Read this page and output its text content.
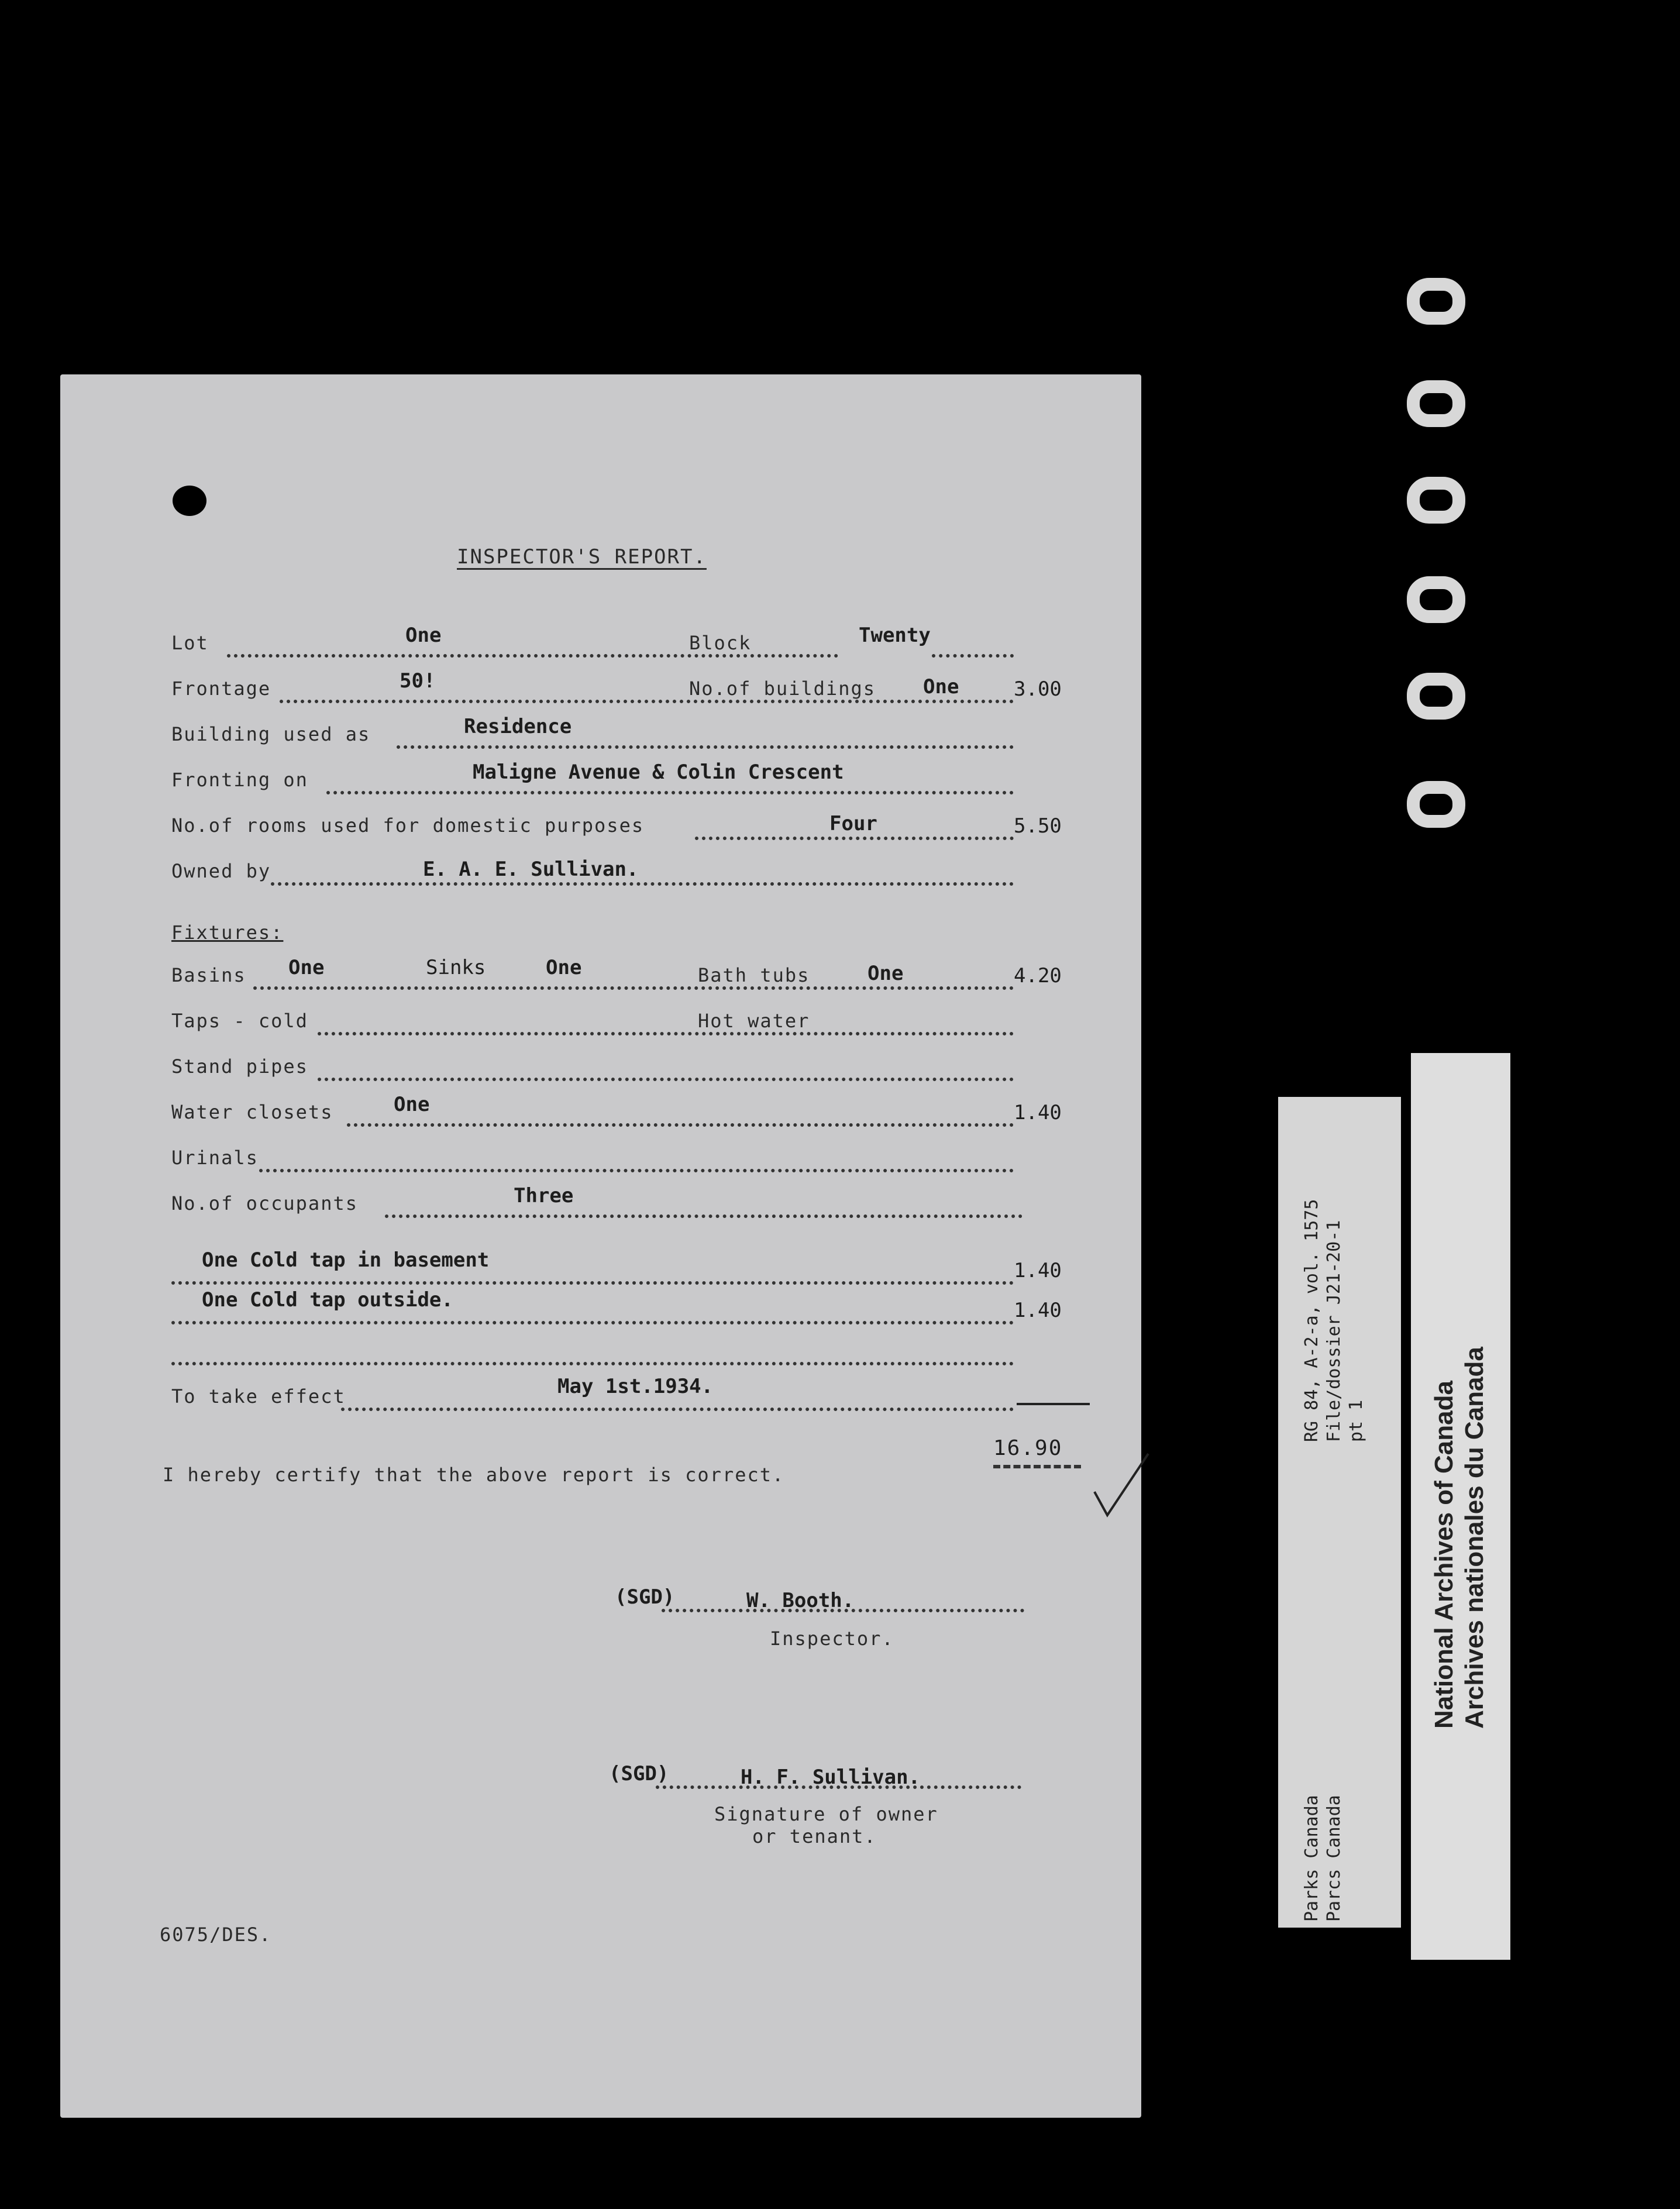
INSPECTOR'S REPORT.
Lot	One	Block	Twenty
Frontage	50!	No.of buildings One	3.00
Building used as	Residence
Fronting on	Maligne Avenue & Colin Crescent
No.of rooms used for domestic purposes	Four	5.50
Owned by	E. A. E. Sullivan.
Fixtures:
Basins One	Sinks	One	Bath tubs	One	4.20
Taps - cold	Hot water
Stand pipes
Water closets	One	1.40
Urinals
No.of occupants	Three
One Cold tap in basement	1.40
One Cold tap outside.	1.40
To take effect	May 1st.1934.
16.90
I hereby certify that the above report is correct.
(SGD)	W. Booth.
Inspector.
(SGD)	H. F. Sullivan.
Signature of owner
or tenant.
6075/DES.
RG 84, A-2-a, vol. 1575 File/dossier J21-20-1 pt 1
Parks Canada Parcs Canada
National Archives of Canada Archives nationales du Canada
